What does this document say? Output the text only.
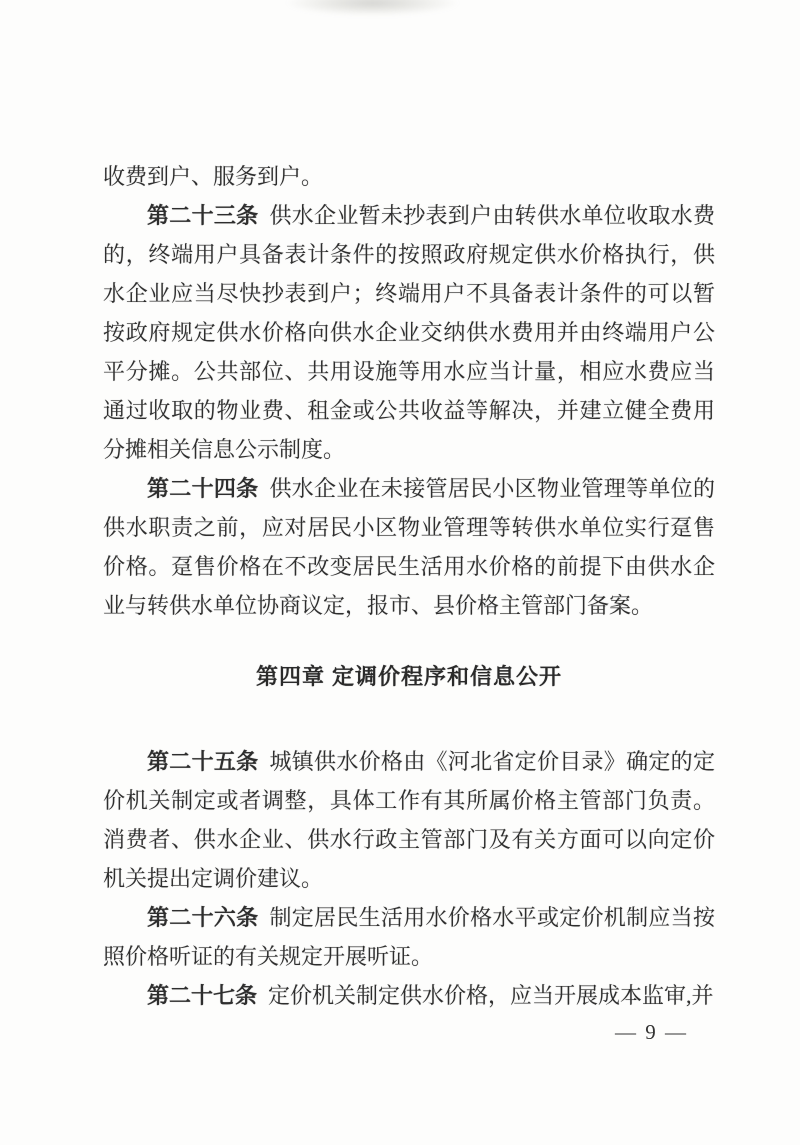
收费到户、服务到户。

第二十三条 供水企业暂未抄表到户由转供水单位收取水费的，终端用户具备表计条件的按照政府规定供水价格执行，供水企业应当尽快抄表到户；终端用户不具备表计条件的可以暂按政府规定供水价格向供水企业交纳供水费用并由终端用户公平分摊。公共部位、共用设施等用水应当计量，相应水费应当通过收取的物业费、租金或公共收益等解决，并建立健全费用分摊相关信息公示制度。

第二十四条 供水企业在未接管居民小区物业管理等单位的供水职责之前，应对居民小区物业管理等转供水单位实行趸售价格。趸售价格在不改变居民生活用水价格的前提下由供水企业与转供水单位协商议定，报市、县价格主管部门备案。

第四章 定调价程序和信息公开

第二十五条 城镇供水价格由《河北省定价目录》确定的定价机关制定或者调整，具体工作有其所属价格主管部门负责。消费者、供水企业、供水行政主管部门及有关方面可以向定价机关提出定调价建议。

第二十六条 制定居民生活用水价格水平或定价机制应当按照价格听证的有关规定开展听证。

第二十七条 定价机关制定供水价格，应当开展成本监审,并

— 9 —
